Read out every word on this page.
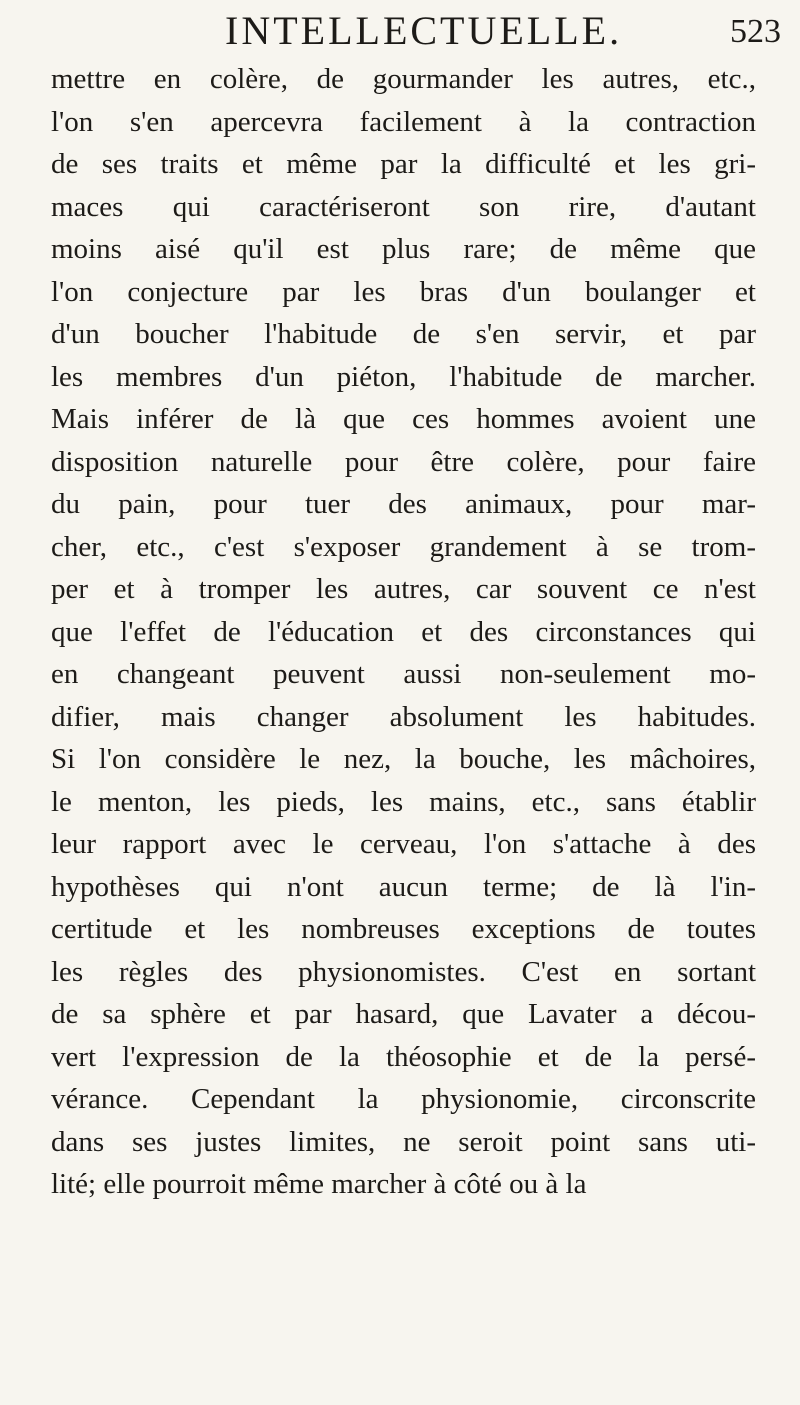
INTELLECTUELLE.	523
mettre en colère, de gourmander les autres, etc.,
l'on s'en apercevra facilement à la contraction
de ses traits et même par la difficulté et les gri-
maces qui caractériseront son rire, d'autant
moins aisé qu'il est plus rare; de même que
l'on conjecture par les bras d'un boulanger et
d'un boucher l'habitude de s'en servir, et par
les membres d'un piéton, l'habitude de marcher.
Mais inférer de là que ces hommes avoient une
disposition naturelle pour être colère, pour faire
du pain, pour tuer des animaux, pour mar-
cher, etc., c'est s'exposer grandement à se trom-
per et à tromper les autres, car souvent ce n'est
que l'effet de l'éducation et des circonstances qui
en changeant peuvent aussi non-seulement mo-
difier, mais changer absolument les habitudes.
Si l'on considère le nez, la bouche, les mâchoires,
le menton, les pieds, les mains, etc., sans établir
leur rapport avec le cerveau, l'on s'attache à des
hypothèses qui n'ont aucun terme; de là l'in-
certitude et les nombreuses exceptions de toutes
les règles des physionomistes. C'est en sortant
de sa sphère et par hasard, que Lavater a décou-
vert l'expression de la théosophie et de la persé-
vérance. Cependant la physionomie, circonscrite
dans ses justes limites, ne seroit point sans uti-
lité; elle pourroit même marcher à côté ou à la
